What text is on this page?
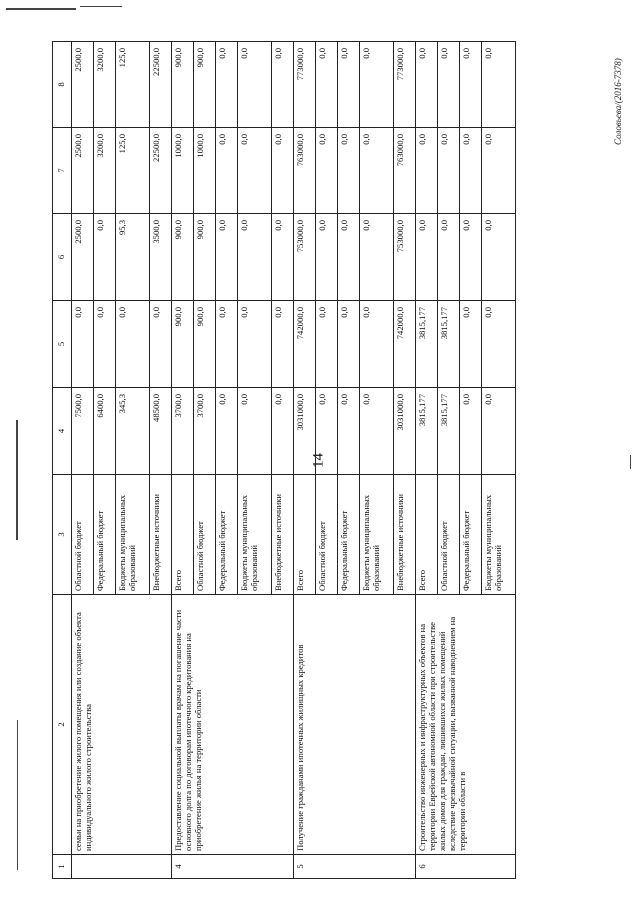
14
Соловьева/(2016-7378)
1	2	3	4	5	6	7	8
	семьи на приобретение жилого помещения или создание объекта индивидуального жилого строительства	Областной бюджет	7500,0	0,0	2500,0	2500,0	2500,0
		Федеральный бюджет	6400,0	0,0	0,0	3200,0	3200,0
		Бюджеты муниципальных образований	345,3	0,0	95,3	125,0	125,0
		Внебюджетные источники	48500,0	0,0	3500,0	22500,0	22500,0
4	Предоставление социальной выплаты врачам на погашение части основного долга по договорам ипотечного кредитования на приобретение жилья на территории области	Всего	3700,0	900,0	900,0	1000,0	900,0
		Областной бюджет	3700,0	900,0	900,0	1000,0	900,0
		Федеральный бюджет	0,0	0,0	0,0	0,0	0,0
		Бюджеты муниципальных образований	0,0	0,0	0,0	0,0	0,0
		Внебюджетные источники	0,0	0,0	0,0	0,0	0,0
5	Получение гражданами ипотечных жилищных кредитов	Всего	3031000,0	742000,0	753000,0	763000,0	773000,0
		Областной бюджет	0,0	0,0	0,0	0,0	0,0
		Федеральный бюджет	0,0	0,0	0,0	0,0	0,0
		Бюджеты муниципальных образований	0,0	0,0	0,0	0,0	0,0
		Внебюджетные источники	3031000,0	742000,0	753000,0	763000,0	773000,0
6	Строительство инженерных и инфраструктурных объектов на территории Еврейской автономной области при строительстве жилых домов для граждан, лишившихся жилых помещений вследствие чрезвычайной ситуации, вызванной наводнением на территории области в	Всего	3815,177	3815,177	0,0	0,0	0,0
		Областной бюджет	3815,177	3815,177	0,0	0,0	0,0
		Федеральный бюджет	0,0	0,0	0,0	0,0	0,0
		Бюджеты муниципальных образований	0,0	0,0	0,0	0,0	0,0
